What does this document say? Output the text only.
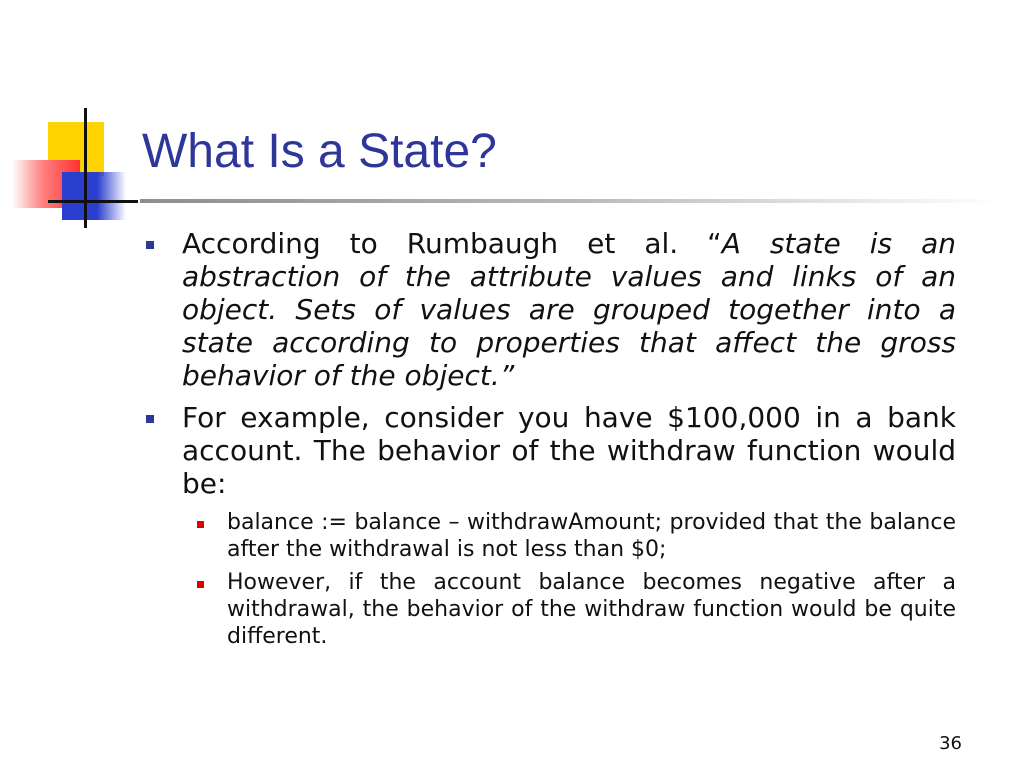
What Is a State?
According to Rumbaugh et al. “A state is an abstraction of the attribute values and links of an object. Sets of values are grouped together into a state according to properties that affect the gross behavior of the object.”
For example, consider you have $100,000 in a bank account. The behavior of the withdraw function would be:
balance := balance – withdrawAmount; provided that the balance after the withdrawal is not less than $0;
However, if the account balance becomes negative after a withdrawal, the behavior of the withdraw function would be quite different.
36
